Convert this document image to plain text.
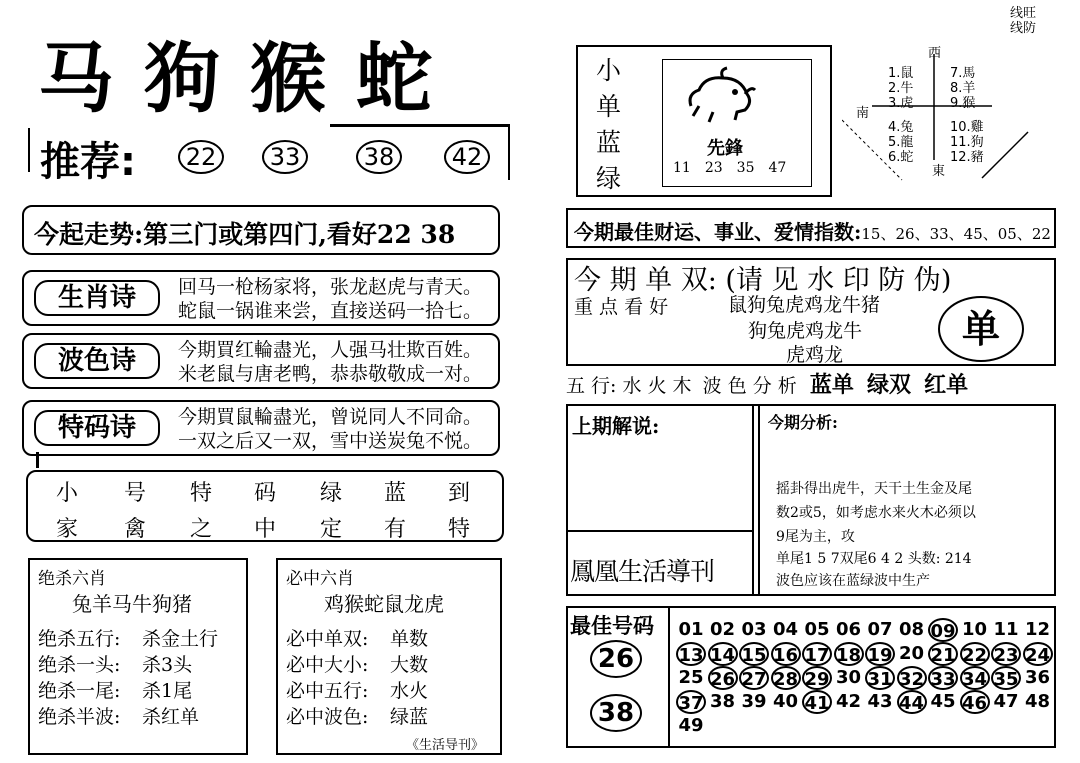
线旺
线防
马狗猴蛇
推荐:	22	33	38	42
今起走势:第三门或第四门,看好22 38
生肖诗	回马一枪杨家将，张龙赵虎与青天。
蛇鼠一锅谁来尝，直接送码一拾七。
波色诗	今期買红輪盡光，人强马壮欺百姓。
米老鼠与唐老鸭，恭恭敬敬成一对。
特码诗	今期買鼠輪盡光，曾说同人不同命。
一双之后又一双，雪中送炭兔不悦。
小 号 特 码 绿 蓝 到
家 禽 之 中 定 有 特
绝杀六肖
兔羊马牛狗猪
绝杀五行: 杀金土行
绝杀一头: 杀3头
绝杀一尾: 杀1尾
绝杀半波: 杀红单
必中六肖
鸡猴蛇鼠龙虎
必中单双: 单数
必中大小: 大数
必中五行: 水火
必中波色: 绿蓝
《生活导刊》
小
单
蓝
绿
先鋒
11 23 35 47
西
南
東
1.鼠
2.牛
3.虎
4.兔
5.龍
6.蛇
7.馬
8.羊
9.猴
10.雞
11.狗
12.豬
今期最佳财运、事业、爱情指数:15、26、33、45、05、22
今 期 单 双: (请 见 水 印 防 伪)
重 点 看 好	鼠狗兔虎鸡龙牛猪
狗兔虎鸡龙牛
虎鸡龙
单
五 行: 水 火 木 波 色 分 析 蓝单 绿双 红单
上期解说:
鳳凰生活導刊
今期分析:
摇卦得出虎牛，天干土生金及尾
数2或5，如考虑水来火木必须以
9尾为主，攻
单尾1 5 7双尾6 4 2 头数: 214
波色应该在蓝绿波中生产
最佳号码
26
38
01 02 03 04 05 06 07 08 09 10 11 12
13 14 15 16 17 18 19 20 21 22 23 24
25 26 27 28 29 30 31 32 33 34 35 36
37 38 39 40 41 42 43 44 45 46 47 48
49
